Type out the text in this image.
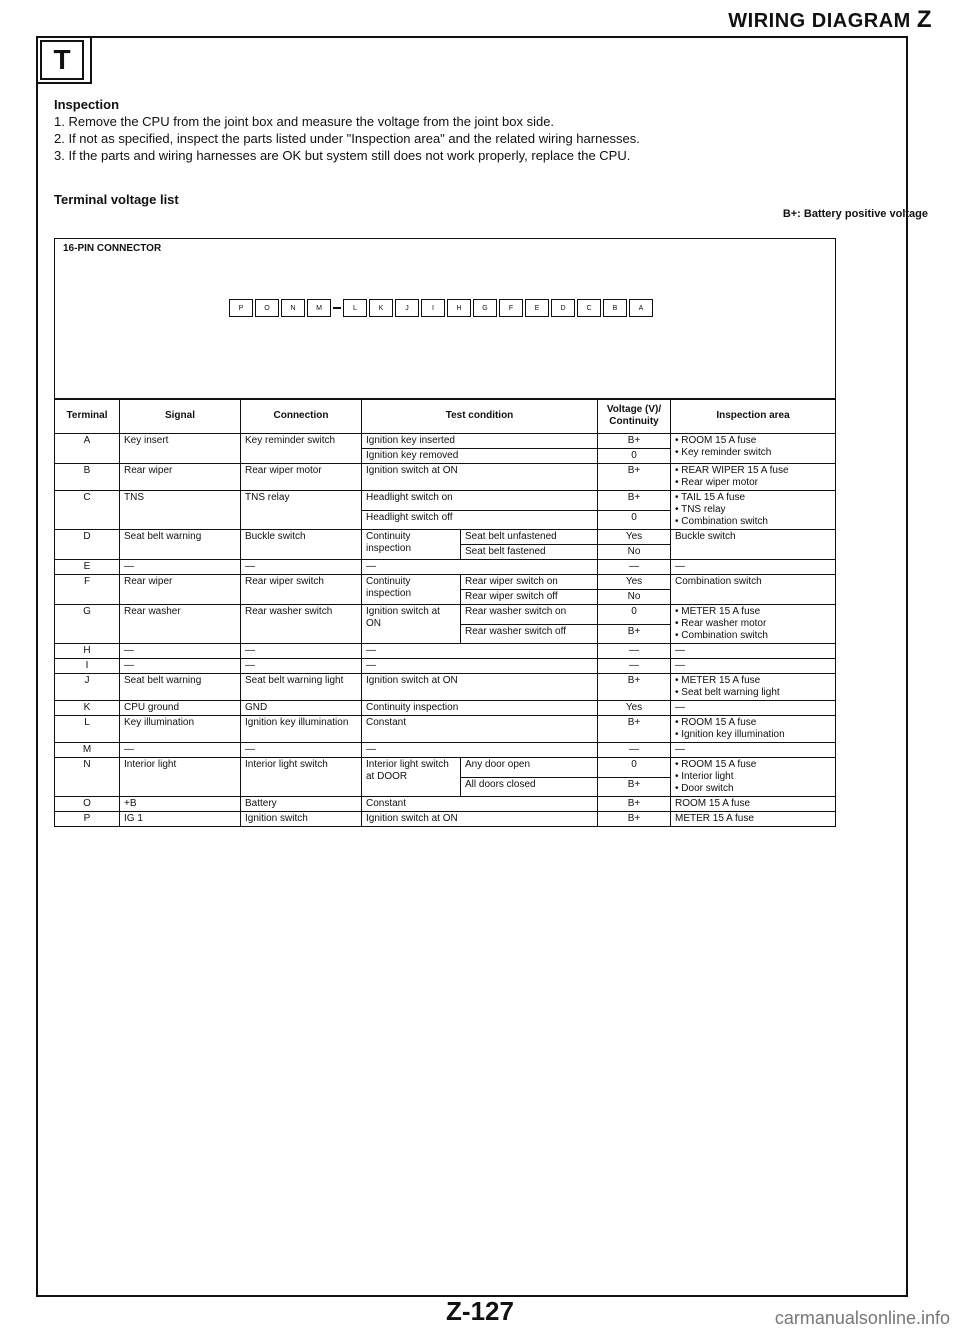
WIRING DIAGRAM Z
T
Inspection
1. Remove the CPU from the joint box and measure the voltage from the joint box side.
2. If not as specified, inspect the parts listed under "Inspection area" and the related wiring harnesses.
3. If the parts and wiring harnesses are OK but system still does not work properly, replace the CPU.
Terminal voltage list
B+: Battery positive voltage
16-PIN CONNECTOR
P	O	N	M	L	K	J	I	H	G	F	E	D	C	B	A
Terminal	Signal	Connection	Test condition		Voltage (V)/ Continuity	Inspection area
A	Key insert	Key reminder switch	Ignition key inserted		B+	• ROOM 15 A fuse
• Key reminder switch

			Ignition key removed		0	
B	Rear wiper	Rear wiper motor	Ignition switch at ON		B+	• REAR WIPER 15 A fuse
• Rear wiper motor

C	TNS	TNS relay	Headlight switch on		B+	• TAIL 15 A fuse
• TNS relay
• Combination switch

			Headlight switch off		0	
D	Seat belt warning	Buckle switch	Continuity inspection	Seat belt unfastened	Yes	Buckle switch

				Seat belt fastened	No	
E	—	—	—		—	—

F	Rear wiper	Rear wiper switch	Continuity inspection	Rear wiper switch on	Yes	Combination switch

				Rear wiper switch off	No	
G	Rear washer	Rear washer switch	Ignition switch at ON	Rear washer switch on	0	• METER 15 A fuse
• Rear washer motor
• Combination switch

				Rear washer switch off	B+	
H	—	—	—		—	—

I	—	—	—		—	—

J	Seat belt warning	Seat belt warning light	Ignition switch at ON		B+	• METER 15 A fuse
• Seat belt warning light

K	CPU ground	GND	Continuity inspection		Yes	—

L	Key illumination	Ignition key illumination	Constant		B+	• ROOM 15 A fuse
• Ignition key illumination

M	—	—	—		—	—

N	Interior light	Interior light switch	Interior light switch at DOOR	Any door open	0	• ROOM 15 A fuse
• Interior light
• Door switch

				All doors closed	B+	
O	+B	Battery	Constant		B+	ROOM 15 A fuse

P	IG 1	Ignition switch	Ignition switch at ON		B+	METER 15 A fuse
Z-127	carmanualsonline.info
